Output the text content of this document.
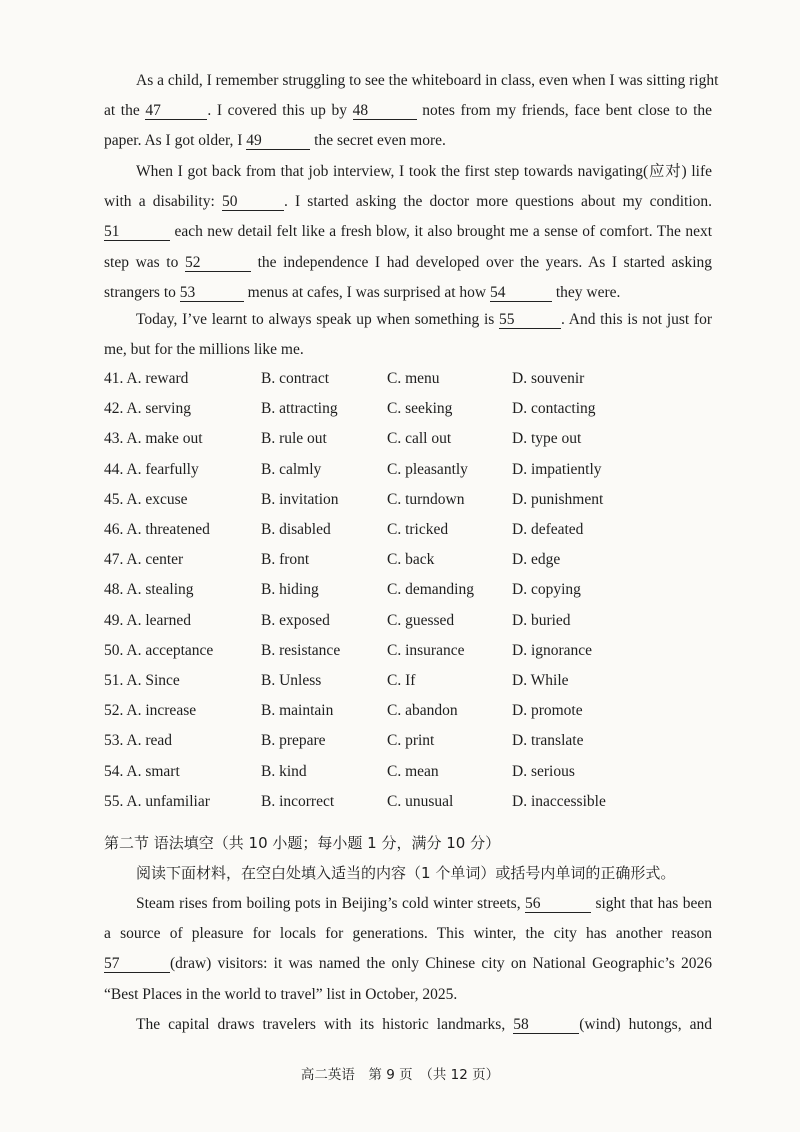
As a child, I remember struggling to see the whiteboard in class, even when I was sitting right
at the 47	. I covered this up by 48	notes from my friends, face bent close to the
paper. As I got older, I 49	the secret even more.
When I got back from that job interview, I took the first step towards navigating(应对) life
with a disability: 50	. I started asking the doctor more questions about my condition.
51	each new detail felt like a fresh blow, it also brought me a sense of comfort. The next
step was to 52	the independence I had developed over the years. As I started asking
strangers to 53	menus at cafes, I was surprised at how 54	they were.
Today, I’ve learnt to always speak up when something is 55	. And this is not just for
me, but for the millions like me.
41. A. reward	B. contract	C. menu	D. souvenir
42. A. serving	B. attracting	C. seeking	D. contacting
43. A. make out	B. rule out	C. call out	D. type out
44. A. fearfully	B. calmly	C. pleasantly	D. impatiently
45. A. excuse	B. invitation	C. turndown	D. punishment
46. A. threatened	B. disabled	C. tricked	D. defeated
47. A. center	B. front	C. back	D. edge
48. A. stealing	B. hiding	C. demanding D. copying
49. A. learned	B. exposed	C. guessed	D. buried
50. A. acceptance	B. resistance	C. insurance	D. ignorance
51. A. Since	B. Unless	C. If	D. While
52. A. increase	B. maintain	C. abandon	D. promote
53. A. read	B. prepare	C. print	D. translate
54. A. smart	B. kind	C. mean	D. serious
55. A. unfamiliar	B. incorrect	C. unusual	D. inaccessible
第二节 语法填空（共 10 小题；每小题 1 分，满分 10 分）
阅读下面材料，在空白处填入适当的内容（1 个单词）或括号内单词的正确形式。
Steam rises from boiling pots in Beijing’s cold winter streets, 56	sight that has been
a source of pleasure for locals for generations. This winter, the city has another reason
57	(draw) visitors: it was named the only Chinese city on National Geographic’s 2026
“Best Places in the world to travel” list in October, 2025.
The capital draws travelers with its historic landmarks, 58	(wind) hutongs, and
高二英语　第 9 页　（共 12 页）
